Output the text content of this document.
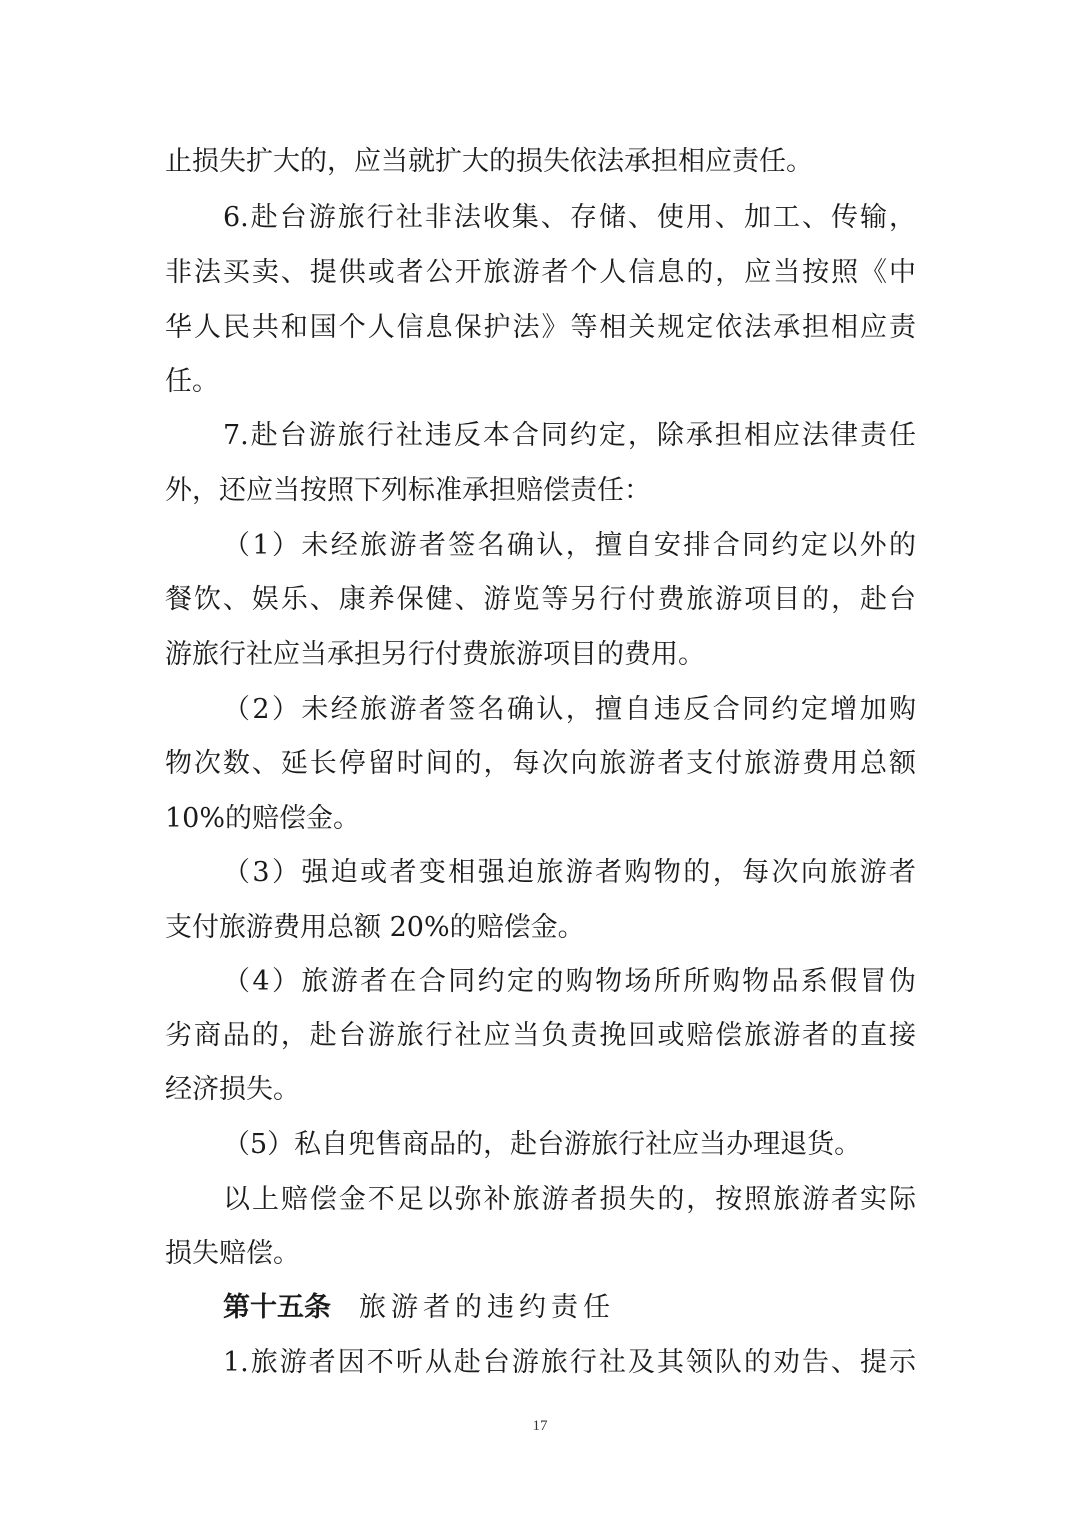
止损失扩大的，应当就扩大的损失依法承担相应责任。
6.赴台游旅行社非法收集、存储、使用、加工、传输，
非法买卖、提供或者公开旅游者个人信息的，应当按照《中
华人民共和国个人信息保护法》等相关规定依法承担相应责
任。
7.赴台游旅行社违反本合同约定，除承担相应法律责任
外，还应当按照下列标准承担赔偿责任：
（1）未经旅游者签名确认，擅自安排合同约定以外的
餐饮、娱乐、康养保健、游览等另行付费旅游项目的，赴台
游旅行社应当承担另行付费旅游项目的费用。
（2）未经旅游者签名确认，擅自违反合同约定增加购
物次数、延长停留时间的，每次向旅游者支付旅游费用总额
10%的赔偿金。
（3）强迫或者变相强迫旅游者购物的，每次向旅游者
支付旅游费用总额 20%的赔偿金。
（4）旅游者在合同约定的购物场所所购物品系假冒伪
劣商品的，赴台游旅行社应当负责挽回或赔偿旅游者的直接
经济损失。
（5）私自兜售商品的，赴台游旅行社应当办理退货。
以上赔偿金不足以弥补旅游者损失的，按照旅游者实际
损失赔偿。
第十五条 旅游者的违约责任
1.旅游者因不听从赴台游旅行社及其领队的劝告、提示
17
